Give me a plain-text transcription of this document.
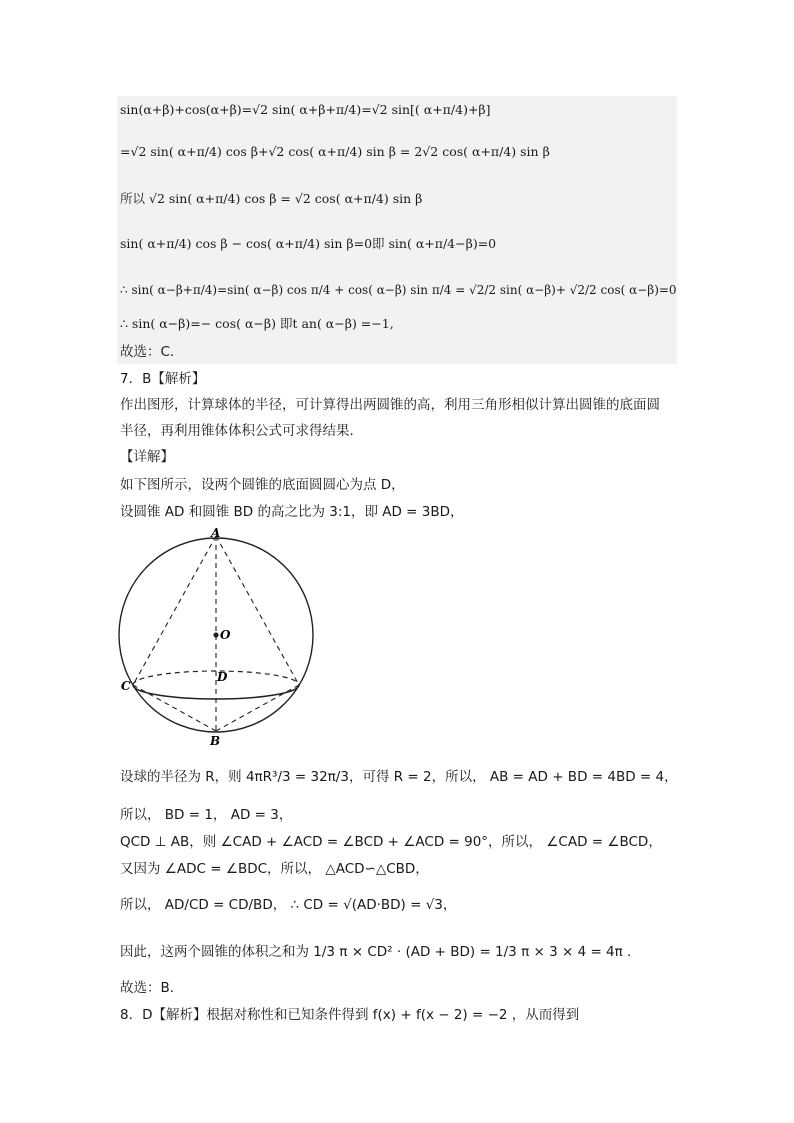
sin(α+β)+cos(α+β)=√2 sin( α+β+π/4)=√2 sin[( α+π/4)+β]
=√2 sin( α+π/4) cos β+√2 cos( α+π/4) sin β = 2√2 cos( α+π/4) sin β
所以 √2 sin( α+π/4) cos β = √2 cos( α+π/4) sin β
sin( α+π/4) cos β − cos( α+π/4) sin β=0即 sin( α+π/4−β)=0
∴ sin( α−β+π/4)=sin( α−β) cos π/4 + cos( α−β) sin π/4 = √2/2 sin( α−β)+ √2/2 cos( α−β)=0
∴ sin( α−β)=− cos( α−β) 即t an( α−β) =−1,
故选：C.
7．B【解析】
作出图形，计算球体的半径，可计算得出两圆锥的高，利用三角形相似计算出圆锥的底面圆
半径，再利用锥体体积公式可求得结果.
【详解】
如下图所示，设两个圆锥的底面圆圆心为点 D，
设圆锥 AD 和圆锥 BD 的高之比为 3:1，即 AD = 3BD，
A
O
D
C
B
设球的半径为 R，则 4πR³/3 = 32π/3，可得 R = 2，所以， AB = AD + BD = 4BD = 4，
所以， BD = 1， AD = 3，
QCD ⊥ AB，则 ∠CAD + ∠ACD = ∠BCD + ∠ACD = 90°，所以， ∠CAD = ∠BCD，
又因为 ∠ADC = ∠BDC，所以， △ACD∽△CBD，
所以， AD/CD = CD/BD， ∴ CD = √(AD·BD) = √3，
因此，这两个圆锥的体积之和为 1/3 π × CD² · (AD + BD) = 1/3 π × 3 × 4 = 4π .
故选：B.
8．D【解析】根据对称性和已知条件得到 f(x) + f(x − 2) = −2 ，从而得到
